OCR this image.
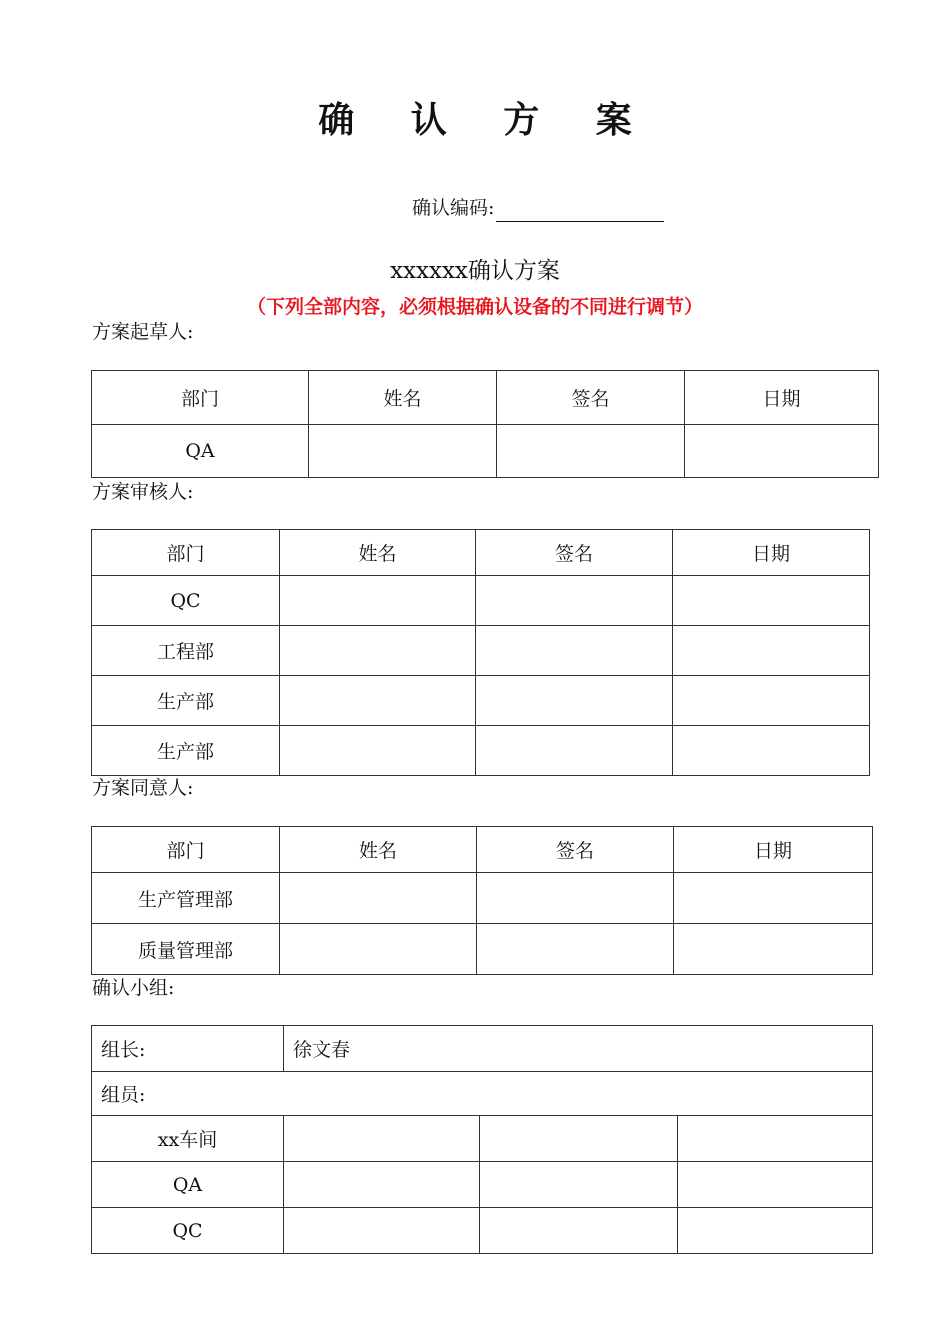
确 认 方 案
确认编码:
xxxxxx确认方案
（下列全部内容，必须根据确认设备的不同进行调节）
方案起草人:
部门	姓名	签名	日期
QA			
方案审核人:
部门	姓名	签名	日期
QC			
工程部			
生产部			
生产部			
方案同意人:
部门	姓名	签名	日期
生产管理部			
质量管理部			
确认小组:
组长:	徐文春		
组员:			
xx车间			
QA			
QC			
